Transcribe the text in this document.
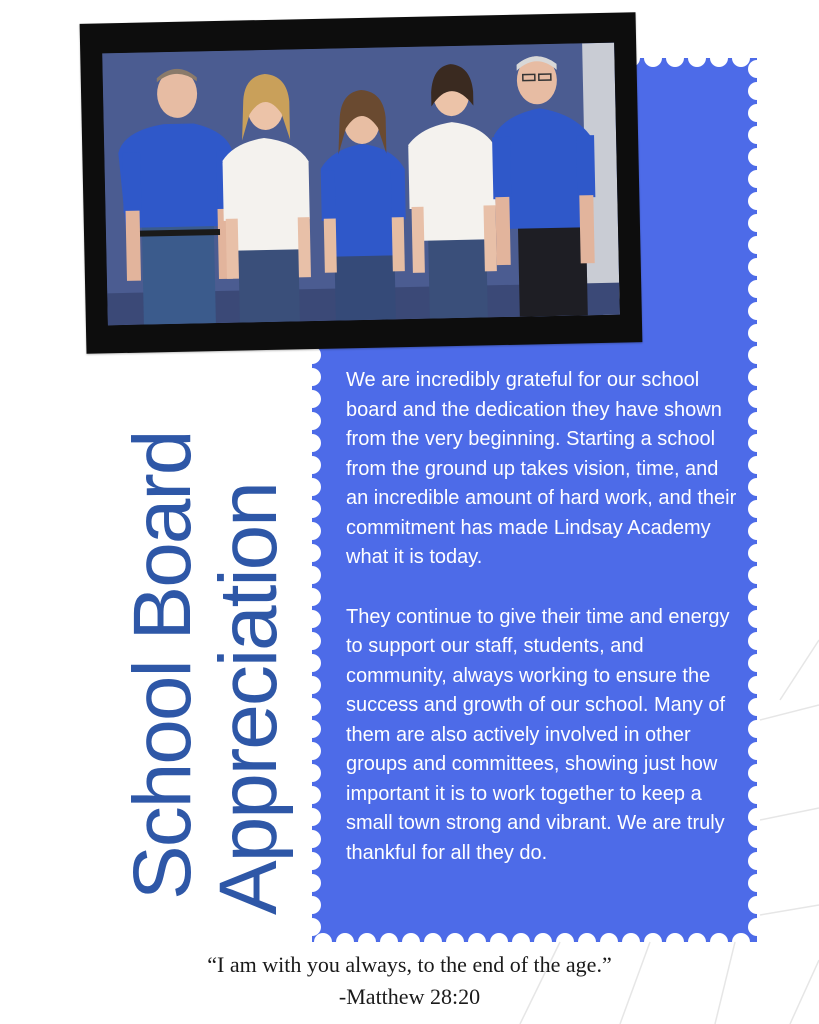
School Board
Appreciation

We are incredibly grateful for our school board and the dedication they have shown from the very beginning. Starting a school from the ground up takes vision, time, and an incredible amount of hard work, and their commitment has made Lindsay Academy what it is today.

They continue to give their time and energy to support our staff, students, and community, always working to ensure the success and growth of our school. Many of them are also actively involved in other groups and committees, showing just how important it is to work together to keep a small town strong and vibrant. We are truly thankful for all they do.

“I am with you always, to the end of the age.”
-Matthew 28:20
